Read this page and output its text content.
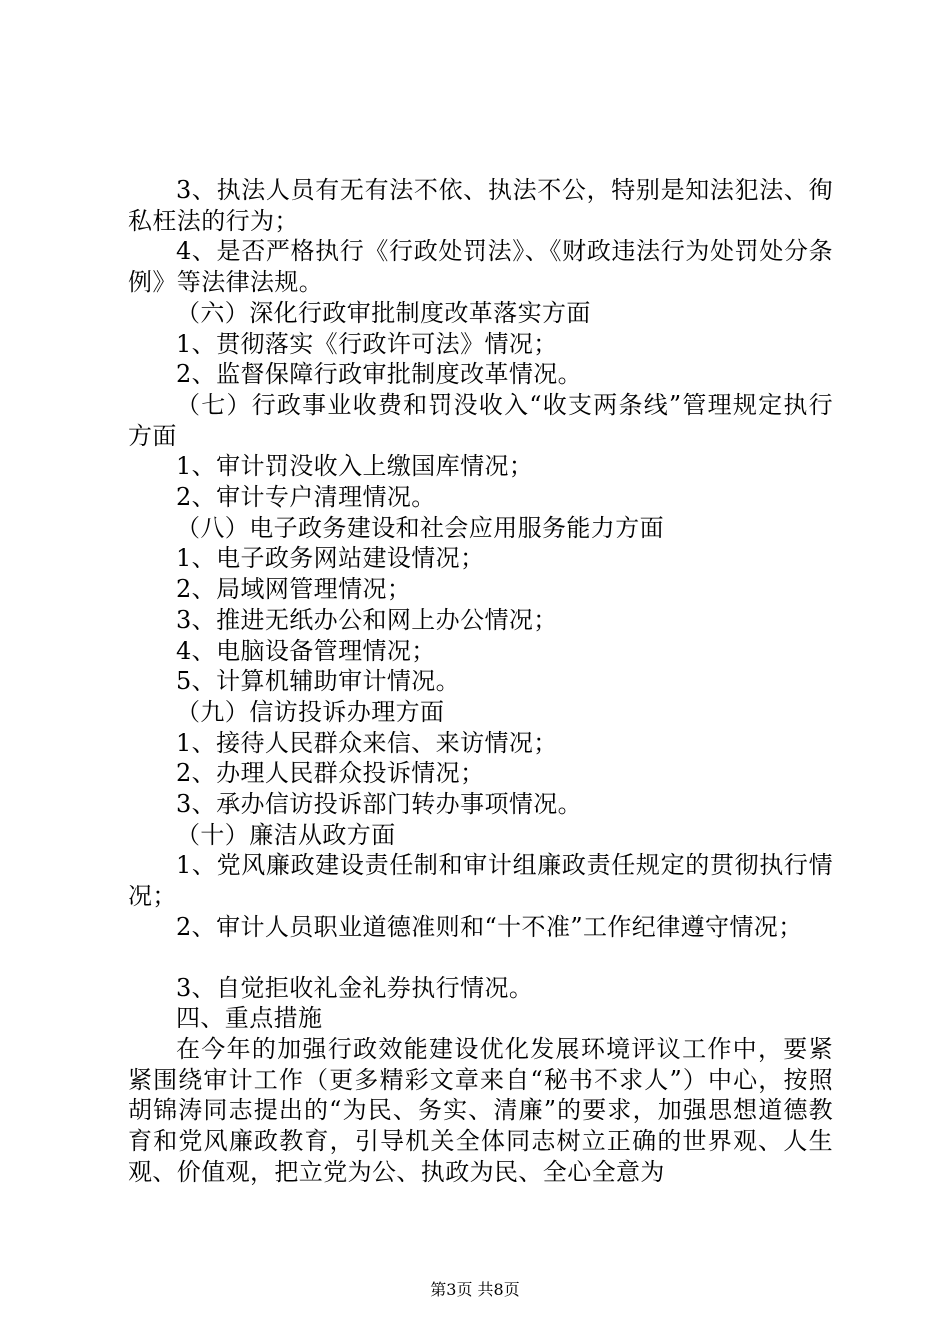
3、执法人员有无有法不依、执法不公，特别是知法犯法、徇私枉法的行为；

4、是否严格执行《行政处罚法》、《财政违法行为处罚处分条例》等法律法规。

（六）深化行政审批制度改革落实方面

1、贯彻落实《行政许可法》情况；

2、监督保障行政审批制度改革情况。

（七）行政事业收费和罚没收入“收支两条线”管理规定执行方面

1、审计罚没收入上缴国库情况；

2、审计专户清理情况。

（八）电子政务建设和社会应用服务能力方面

1、电子政务网站建设情况；

2、局域网管理情况；

3、推进无纸办公和网上办公情况；

4、电脑设备管理情况；

5、计算机辅助审计情况。

（九）信访投诉办理方面

1、接待人民群众来信、来访情况；

2、办理人民群众投诉情况；

3、承办信访投诉部门转办事项情况。

（十）廉洁从政方面

1、党风廉政建设责任制和审计组廉政责任规定的贯彻执行情况；

2、审计人员职业道德准则和“十不准”工作纪律遵守情况；

3、自觉拒收礼金礼券执行情况。

四、重点措施

在今年的加强行政效能建设优化发展环境评议工作中，要紧紧围绕审计工作（更多精彩文章来自“秘书不求人”）中心，按照胡锦涛同志提出的“为民、务实、清廉”的要求，加强思想道德教育和党风廉政教育，引导机关全体同志树立正确的世界观、人生观、价值观，把立党为公、执政为民、全心全意为

第3页 共8页
